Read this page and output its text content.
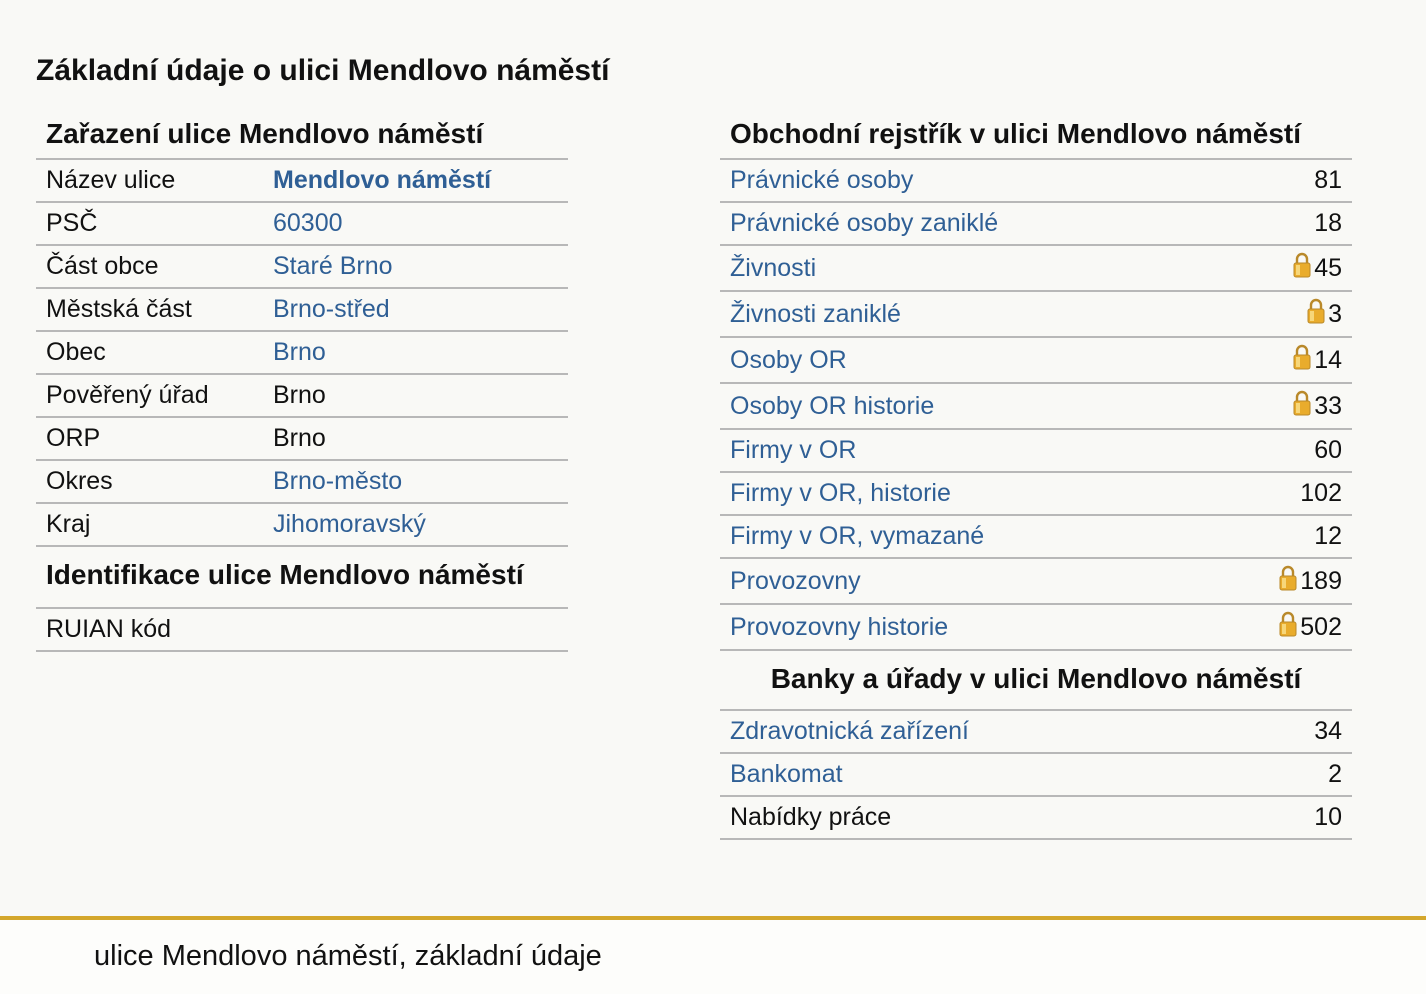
Základní údaje o ulici Mendlovo náměstí
Zařazení ulice Mendlovo náměstí
Název ulice	Mendlovo náměstí
PSČ	60300
Část obce	Staré Brno
Městská část	Brno-střed
Obec	Brno
Pověřený úřad	Brno
ORP	Brno
Okres	Brno-město
Kraj	Jihomoravský
Identifikace ulice Mendlovo náměstí
RUIAN kód	
Obchodní rejstřík v ulici Mendlovo náměstí
Právnické osoby	81
Právnické osoby zaniklé	18
Živnosti	45
Živnosti zaniklé	3
Osoby OR	14
Osoby OR historie	33
Firmy v OR	60
Firmy v OR, historie	102
Firmy v OR, vymazané	12
Provozovny	189
Provozovny historie	502
Banky a úřady v ulici Mendlovo náměstí
Zdravotnická zařízení	34
Bankomat	2
Nabídky práce	10
ulice Mendlovo náměstí, základní údaje
